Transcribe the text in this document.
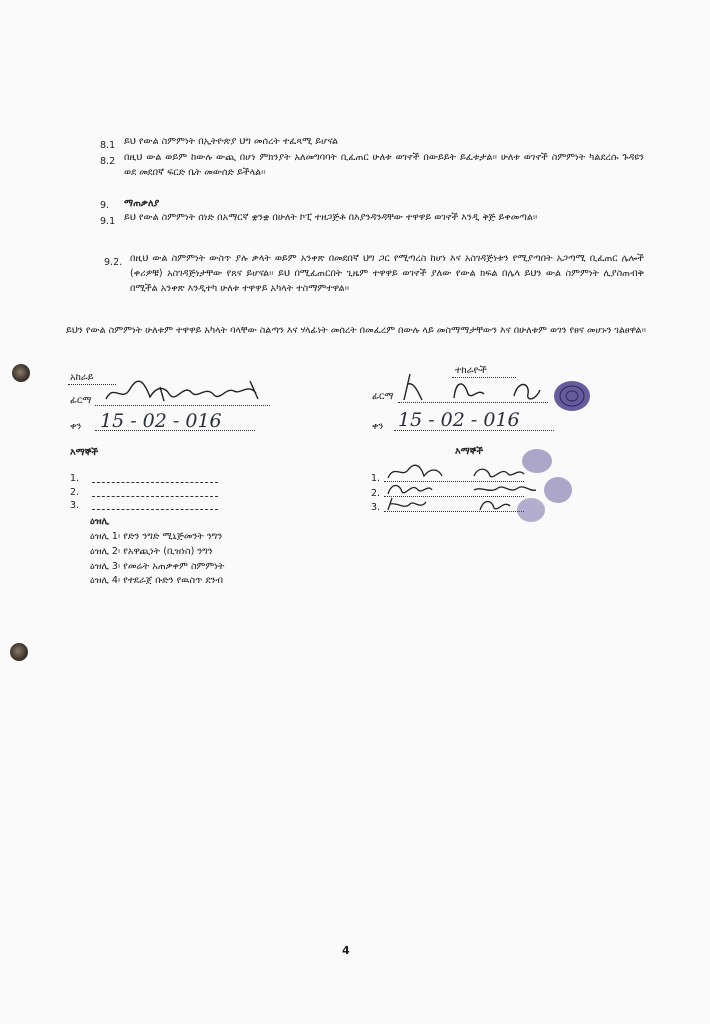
8.1 ይህ የውል ስምምነት በኢትዮጵያ ህግ መሰረት ተፈጻሚ ይሆናል
8.2 በዚህ ውል ወይም ከውሉ ውጪ በሆነ ምክንያት አለመግባባት ቢፈጠር ሁለቱ ወገኖች በውይይት ይፈቱታል፡፡ ሁለቱ ወገኖች ስምምነት ካልደረሱ ጉዳዩን ወደ መደበኛ ፍርድ ቤት መውሰድ ይችላል፡፡
9. ማጠቃለያ
9.1 ይህ የውል ስምምነት ሰነድ በአማርኛ ቋንቋ በሁለት ኮፒ ተዘጋጅቶ በእያንዳንዳቸው ተዋዋይ ወገኖች እንዲ ቅጅ ይቀመጣል፡፡
9.2. በዚህ ውል ስምምነት ውስጥ ያሉ ቃላት ወይም አንቀጽ በመደበኛ ህግ ጋር የሚጣረስ ከሆነ እና አስገዳጅነቱን የሚያጣበት አጋጣሚ ቢፈጠር ሌሎች (ቀሪዎቹ) አስገዳጅነታቸው የጸና ይሆናል፡፡ ይህ በሚፈጠርበት ጊዜም ተዋዋይ ወገኖች ያለው የውል ክፍል በሌላ ይህን ውል ስምምነት ሊያስጠብቅ በሚችል አንቀጽ እንዲተካ ሁለቱ ተዋዋይ አካላት ተስማምተዋል፡፡
ይህን የውል ስምምነት ሁለቱም ተዋዋይ አካላት ባላቸው ስልጣን እና ሃላፊነት መሰረት በመፈረም በውሉ ላይ መስማማታቸውን እና በሁለቱም ወገን የፀና መሆኑን ገልፀዋል፡፡
አከራይ
ፊርማ
ቀን 15 - 02 - 016
እማኞች
1.
2.
3.
ዕዝሊ
ዕዝሊ 1፡ የድን ንግድ ሚኒጅመንት ንግን
ዕዝሊ 2፡ የአዋጪነት (ቢዝነስ) ንግን
ዕዝሊ 3፡ የመሬት አጠቃቀም ስምምነት
ዕዝሊ 4፡ የተደራጀ ቡድን የዉስጥ ደንብ
ተከራዮች
ፊርማ
ቀን 15 - 02 - 016
እማኞች
1.
2.
3.
4
